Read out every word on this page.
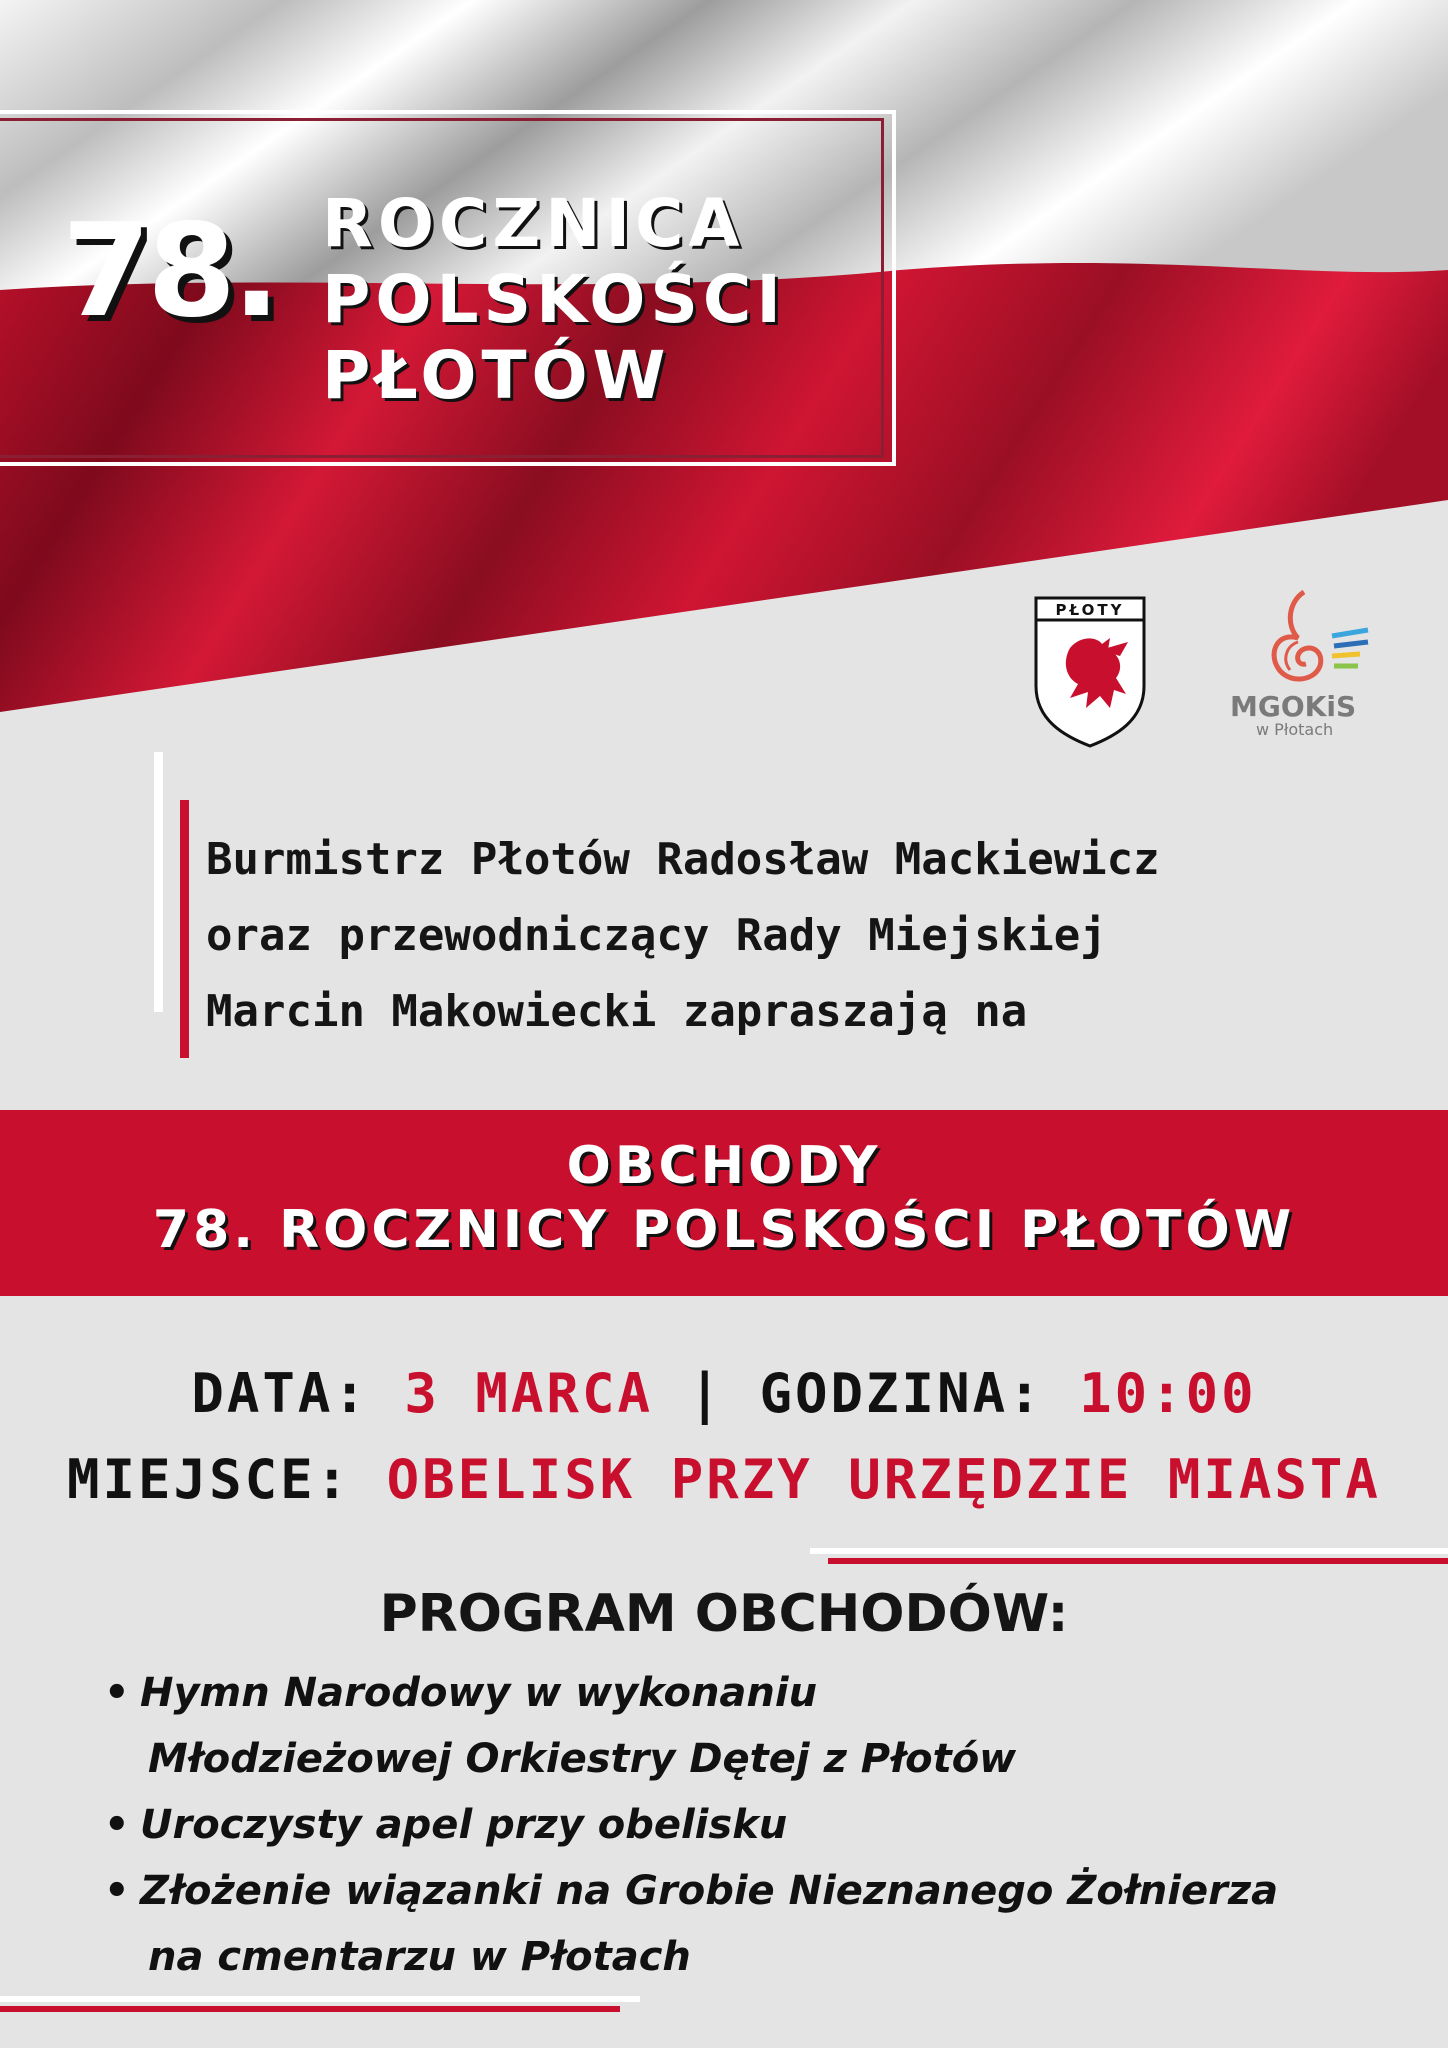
78. ROCZNICA
POLSKOŚCI
PŁOTÓW
PŁOTY
MGOKiS
w Płotach
Burmistrz Płotów Radosław Mackiewicz
oraz przewodniczący Rady Miejskiej
Marcin Makowiecki zapraszają na
OBCHODY
78. ROCZNICY POLSKOŚCI PŁOTÓW
DATA: 3 MARCA | GODZINA: 10:00
MIEJSCE: OBELISK PRZY URZĘDZIE MIASTA
PROGRAM OBCHODÓW:
• Hymn Narodowy w wykonaniu
Młodzieżowej Orkiestry Dętej z Płotów
• Uroczysty apel przy obelisku
• Złożenie wiązanki na Grobie Nieznanego Żołnierza
na cmentarzu w Płotach
